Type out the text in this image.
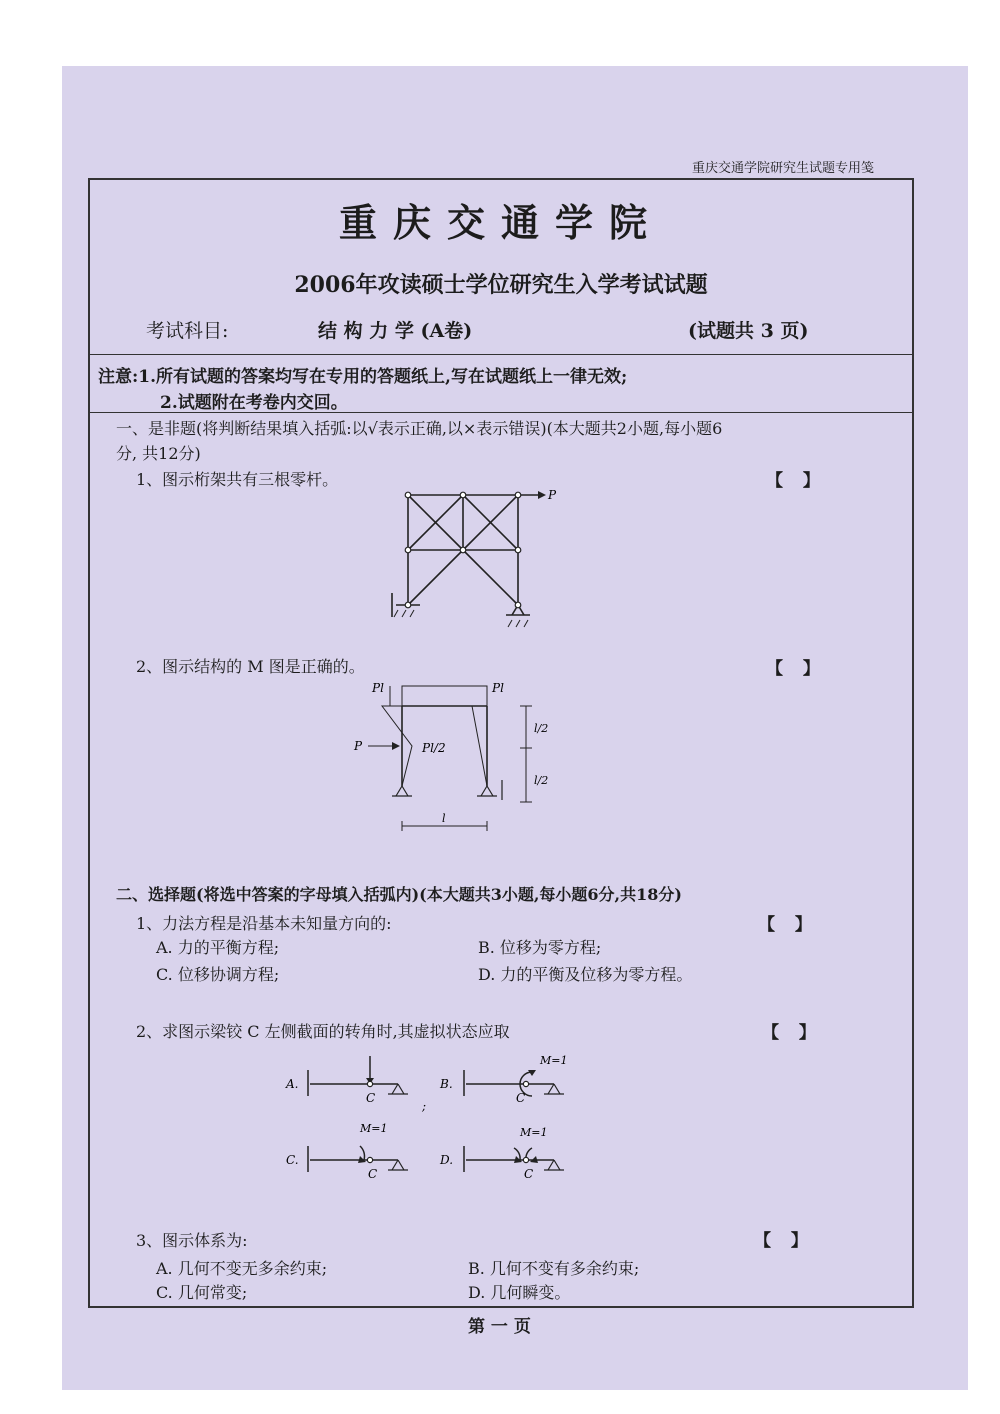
重庆交通学院研究生试题专用笺
重庆交通学院
2006年攻读硕士学位研究生入学考试试题
考试科目:	结 构 力 学 (A卷)	(试题共 3 页)
注意:1.所有试题的答案均写在专用的答题纸上,写在试题纸上一律无效;
2.试题附在考卷内交回。
一、是非题(将判断结果填入括弧:以√表示正确,以×表示错误)(本大题共2小题,每小题6
分, 共12分)
1、图示桁架共有三根零杆。	【 】
P
2、图示结构的 M 图是正确的。	【 】
Pl	Pl
Pl/2
P
l/2
l/2
l
二、选择题(将选中答案的字母填入括弧内)(本大题共3小题,每小题6分,共18分)
1、力法方程是沿基本未知量方向的:	【 】
A. 力的平衡方程;	B. 位移为零方程;
C. 位移协调方程;	D. 力的平衡及位移为零方程。
2、求图示梁铰 C 左侧截面的转角时,其虚拟状态应取	【 】
A.	B.
C.	D.
C	C
C	C
M=1
M=1	M=1
;
3、图示体系为:	【 】
A. 几何不变无多余约束;	B. 几何不变有多余约束;
C. 几何常变;	D. 几何瞬变。
第 一 页
